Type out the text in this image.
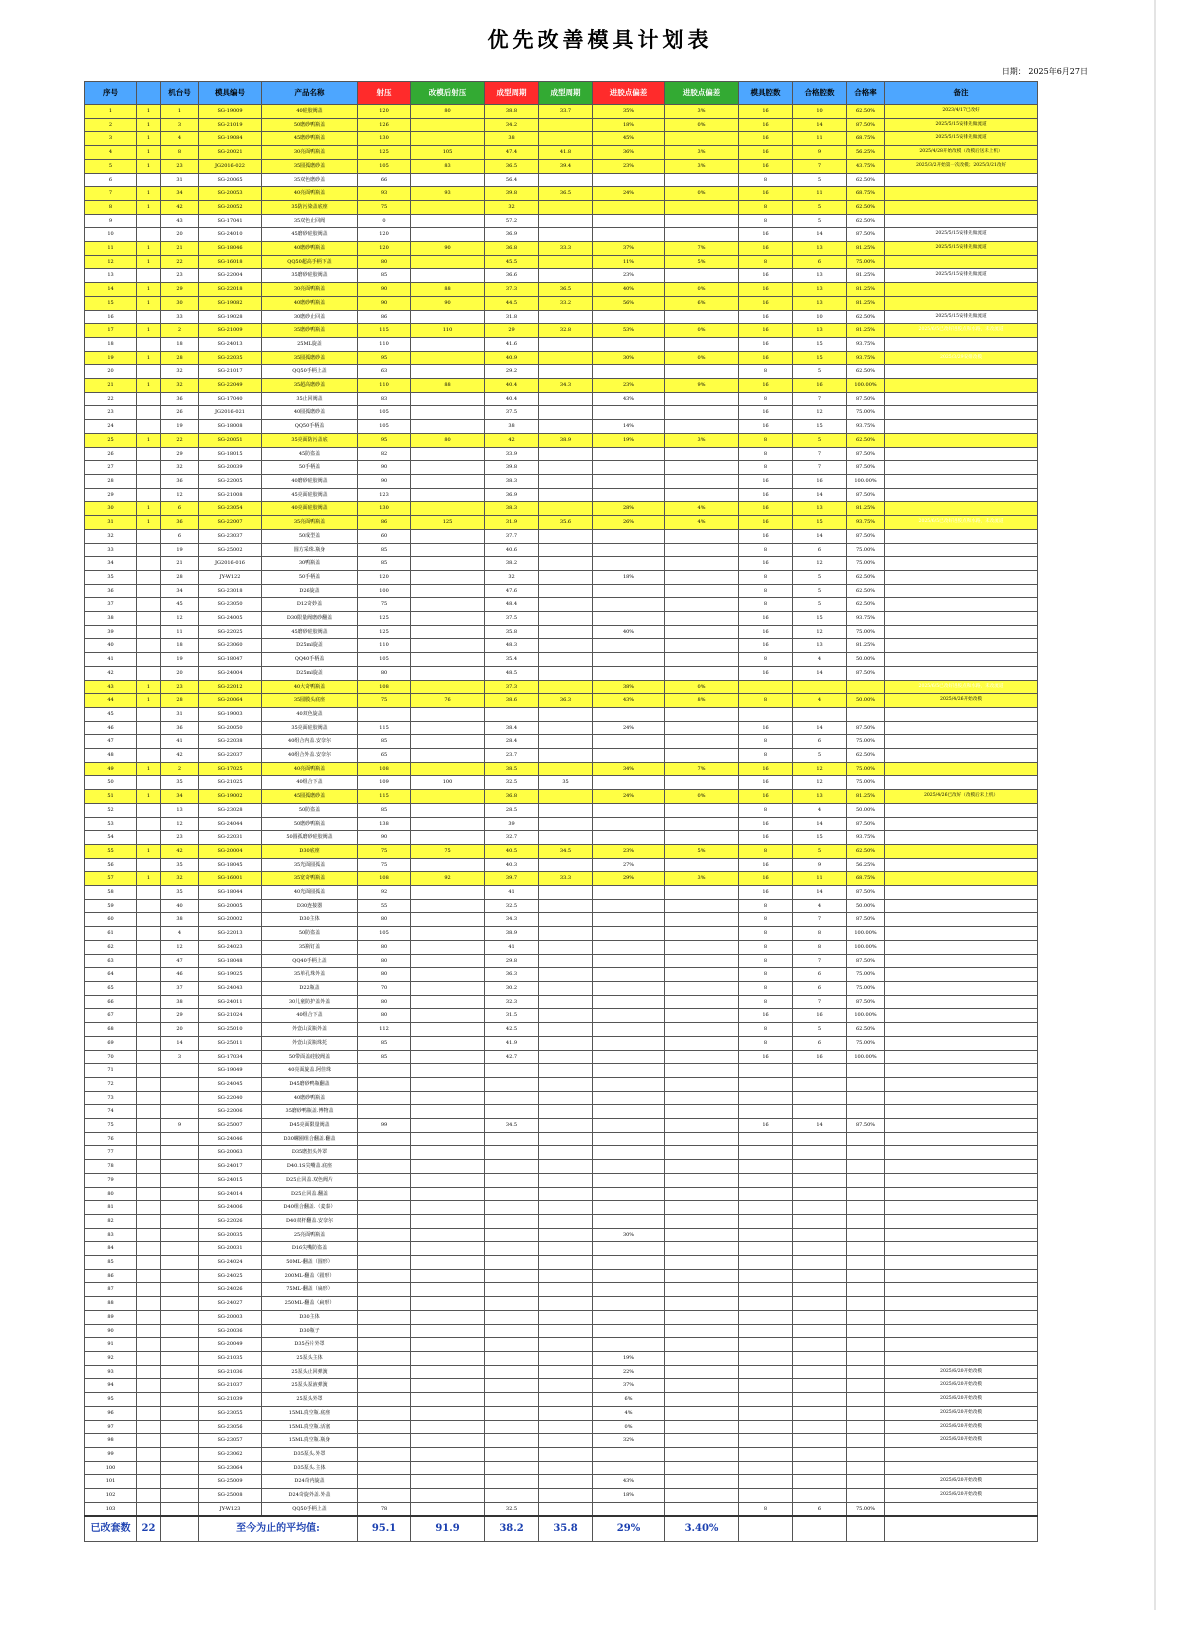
优先改善模具计划表
日期： 2025年6月27日
序号		机台号	模具编号	产品名称	射压	改模后射压	成型周期	成型周期	进胶点偏差	进胶点偏差	模具腔数	合格腔数	合格率	备注
1	1	1	SG-19009	40硅胶阀盖	120	80	38.8	33.7	35%	3%	16	10	62.50%	2023/4/17已改好
2	1	3	SG-21019	50磨砂鸭瓶盖	126		34.2		18%	0%	16	14	87.50%	2025/5/15安排先做流道
3	1	4	SG-19084	45磨砂鸭瓶盖	130		38		45%		16	11	68.75%	2025/5/15安排先做流道
4	1	8	SG-20021	30亮面鸭瓶盖	125	105	47.4	41.8	36%	3%	16	9	56.25%	2025/4/28开始改模（改模后送未上机）
5	1	23	JG2016-022	35圆孤磨砂盖	105	83	36.5	39.4	23%	3%	16	7	43.75%	2025/3/2开始第一次改模；2025/3/21改好
6		31	SG-20065	35双色磨砂盖	66		56.4				8	5	62.50%	
7	1	34	SG-20053	40亮面鸭瓶盖	93	93	39.8	36.5	24%	0%	16	11	68.75%	
8	1	42	SG-20052	35防污染盖底座	75		32				8	5	62.50%	
9		43	SG-17041	35双色止回阀	0		57.2				8	5	62.50%	
10		20	SG-24010	45磨砂硅胶阀盖	120		36.9				16	14	87.50%	2025/5/15安排先做流道
11	1	21	SG-18046	40磨砂鸭瓶盖	120	90	36.8	33.3	37%	7%	16	13	81.25%	2025/5/15安排先做流道
12	1	22	SG-16018	QQ50超高手柄下盖	80		45.5		11%	5%	8	6	75.00%	
13		23	SG-22004	35磨砂硅胶阀盖	85		36.6		23%		16	13	81.25%	2025/5/15安排先做流道
14	1	29	SG-22018	30亮面鸭瓶盖	90	88	37.3	36.5	40%	0%	16	13	81.25%	
15	1	30	SG-19082	40磨砂鸭瓶盖	90	90	44.5	33.2	56%	6%	16	13	81.25%	
16		33	SG-19028	30磨砂止回盖	86		31.8				16	10	62.50%	2025/5/15安排先做流道
17	1	2	SG-21009	35磨砂鸭瓶盖	115	110	29	32.8	53%	0%	16	13	81.25%	2025/6/5已改好进胶点和水路，未改流道
18		18	SG-24013	25ML旋盖	110		41.6				16	15	93.75%	
19	1	28	SG-22035	35圆孤磨砂盖	95		40.9		30%	0%	16	15	93.75%	2025/3/29安排改模
20		32	SG-21017	QQ50手柄上盖	63		29.2				8	5	62.50%	
21	1	32	SG-22049	35超高磨砂盖	110	88	40.4	34.3	23%	9%	16	16	100.00%	
22		36	SG-17040	35止回阀盖	83		40.4		43%		8	7	87.50%	
23		26	JG2016-021	40圆孤磨砂盖	105		37.5				16	12	75.00%	
24		19	SG-18008	QQ50手柄盖	105		38		14%		16	15	93.75%	
25	1	22	SG-20051	35亮面防污盖底	95	80	42	38.9	19%	3%	8	5	62.50%	
26		29	SG-18015	45防盗盖	82		33.9				8	7	87.50%	
27		32	SG-20039	50手柄盖	90		39.8				8	7	87.50%	
28		36	SG-22005	40磨砂硅胶阀盖	90		38.3				16	16	100.00%	
29		12	SG-21008	45亮面硅胶阀盖	123		36.9				16	14	87.50%	
30	1	6	SG-23054	40亮面硅胶阀盖	130		38.3		28%	4%	16	13	81.25%	
31	1	36	SG-22007	35亮面鸭瓶盖	86	125	31.9	35.6	26%	4%	16	15	93.75%	2025/6/5已改好进胶点和水路，未改流道
32		6	SG-23037	50成型盖	60		37.7				16	14	87.50%	
33		19	SG-25002	圆方采珠.瓶身	85		40.6				8	6	75.00%	
34		21	JG2016-016	30鸭瓶盖	85		38.2				16	12	75.00%	
35		28	JY-W122	50手柄盖	120		32		18%		8	5	62.50%	
36		34	SG-23018	D26旋盖	100		47.6				8	5	62.50%	
37		45	SG-23050	D12奇妙盖	75		48.4				8	5	62.50%	
38		12	SG-24005	D30限量阀磨砂翻盖	125		37.5				16	15	93.75%	
39		11	SG-22025	45磨砂硅胶阀盖	125		35.8		40%		16	12	75.00%	
40		18	SG-23060	D25ml旋盖	110		48.3				16	13	81.25%	
41		19	SG-18047	QQ40手柄盖	105		35.4				8	4	50.00%	
42		20	SG-24004	D25ml旋盖	80		48.5				16	14	87.50%	
43	1	23	SG-22012	40大奇鸭瓶盖	108		37.3		38%	0%				2025/6/5已改好进胶点和水路，未改流道
44	1	28	SG-20064	35圆膜头底座	75	76	38.6	36.3	43%	8%	8	4	50.00%	2025/4/26开始改模
45		31	SG-19003	40双色旋盖										
46		36	SG-20050	35亮面硅胶阀盖	115		38.4		24%		16	14	87.50%	
47		41	SG-22038	40组合内盖.安奈尔	85		28.4				8	6	75.00%	
48		42	SG-22037	40组合外盖.安奈尔	65		23.7				8	5	62.50%	
49	1	2	SG-17025	40亮面鸭瓶盖	108		38.5		34%	7%	16	12	75.00%	
50		35	SG-21025	40组合下盖	109	100	32.5	35			16	12	75.00%	
51	1	34	SG-19002	45圆孤磨砂盖	115		36.8		24%	0%	16	13	81.25%	2025/4/26已改好（改模后未上机）
52		13	SG-23028	50防盗盖	85		28.5				8	4	50.00%	
53		12	SG-24044	50磨砂鸭瓶盖	138		39				16	14	87.50%	
54		23	SG-22031	50圆孤磨砂硅胶阀盖	90		32.7				16	15	93.75%	
55	1	42	SG-20004	D30底座	75	75	40.5	34.5	23%	5%	8	5	62.50%	
56		35	SG-18045	35光面圆孤盖	75		40.3		27%		16	9	56.25%	
57	1	32	SG-16001	35宽奇鸭瓶盖	108	92	39.7	33.3	29%	3%	16	11	68.75%	
58		35	SG-18044	40光面圆孤盖	92		41				16	14	87.50%	
59		40	SG-20005	D30连接器	55		32.5				8	4	50.00%	
60		38	SG-20002	D30主体	80		34.3				8	7	87.50%	
61		4	SG-22013	50防盗盖	105		38.9				8	8	100.00%	
62		12	SG-24023	35瓶钉盖	80		41				8	8	100.00%	
63		47	SG-18048	QQ40手柄上盖	80		29.8				8	7	87.50%	
64		46	SG-19025	35单孔珠外盖	80		36.3				8	6	75.00%	
65		37	SG-24043	D22瓶盖	70		30.2				8	6	75.00%	
66		38	SG-24011	30儿童防护盖外盖	80		32.3				8	7	87.50%	
67		29	SG-21024	40组合下盖	80		31.5				16	16	100.00%	
68		20	SG-25010	外壹山贡瓶外盖	112		42.5				8	5	62.50%	
69		14	SG-25011	外壹山贡瓶珠托	85		41.9				8	6	75.00%	
70		3	SG-17034	50带面盖硅胶阀盖	85		42.7				16	16	100.00%	
71			SG-19049	40亮面旋盖.阿佳珠										
72			SG-24045	D45磨砂鸭瓶翻盖										
73			SG-22040	40磨砂鸭瓶盖										
74			SG-22006	35磨砂鸭瓶盖.博物盖										
75		9	SG-25007	D45亮面限量阀盖	99		34.5				16	14	87.50%	
76			SG-24046	D30螺圈组合翻盖.翻盖										
77			SG-20063	D35磨扭头外罩										
78			SG-24017	D40.1S尖嘴盖.底座										
79			SG-24015	D25止回盖.双色阀片										
80			SG-24014	D25止回盖.翻盖										
81			SG-24006	D40组合翻盖.（麦泰）										
82			SG-22026	D40双杆翻盖.安奈尔										
83			SG-20035	25亮面鸭瓶盖					30%					
84			SG-20031	D16尖嘴防盗盖										
85			SG-24024	50ML-翻盖（圆形）										
86			SG-24025	200ML-翻盖（圆形）										
87			SG-24026	75ML-翻盖（扁形）										
88			SG-24027	250ML-翻盖（扁形）										
89			SG-20003	D30主体										
90			SG-20036	D30瓶子										
91			SG-20049	D35吞片外罩										
92			SG-21035	25泵头主体					19%					
93			SG-21036	25泵头止回弹簧					22%					2025/6/20开始改模
94			SG-21037	25泵头泵液弹簧					37%					2025/6/20开始改模
95			SG-21039	25泵头外罩					6%					2025/6/20开始改模
96			SG-23055	15ML真空瓶.底座					4%					2025/6/20开始改模
97			SG-23056	15ML真空瓶.活塞					0%					2025/6/20开始改模
98			SG-23057	15ML真空瓶.瓶身					32%					2025/6/20开始改模
99			SG-23062	D35泵头.外罩										
100			SG-23064	D35泵头.主体										
101			SG-25009	D24奇内旋盖					43%					2025/6/20开始改模
102			SG-25008	D24奇旋外盖.外盖					18%					2025/6/20开始改模
103			JY-W123	QQ50手柄上盖	78		32.5				8	6	75.00%	
已改套数	22		至今为止的平均值:		95.1	91.9	38.2	35.8	29%	3.40%				
